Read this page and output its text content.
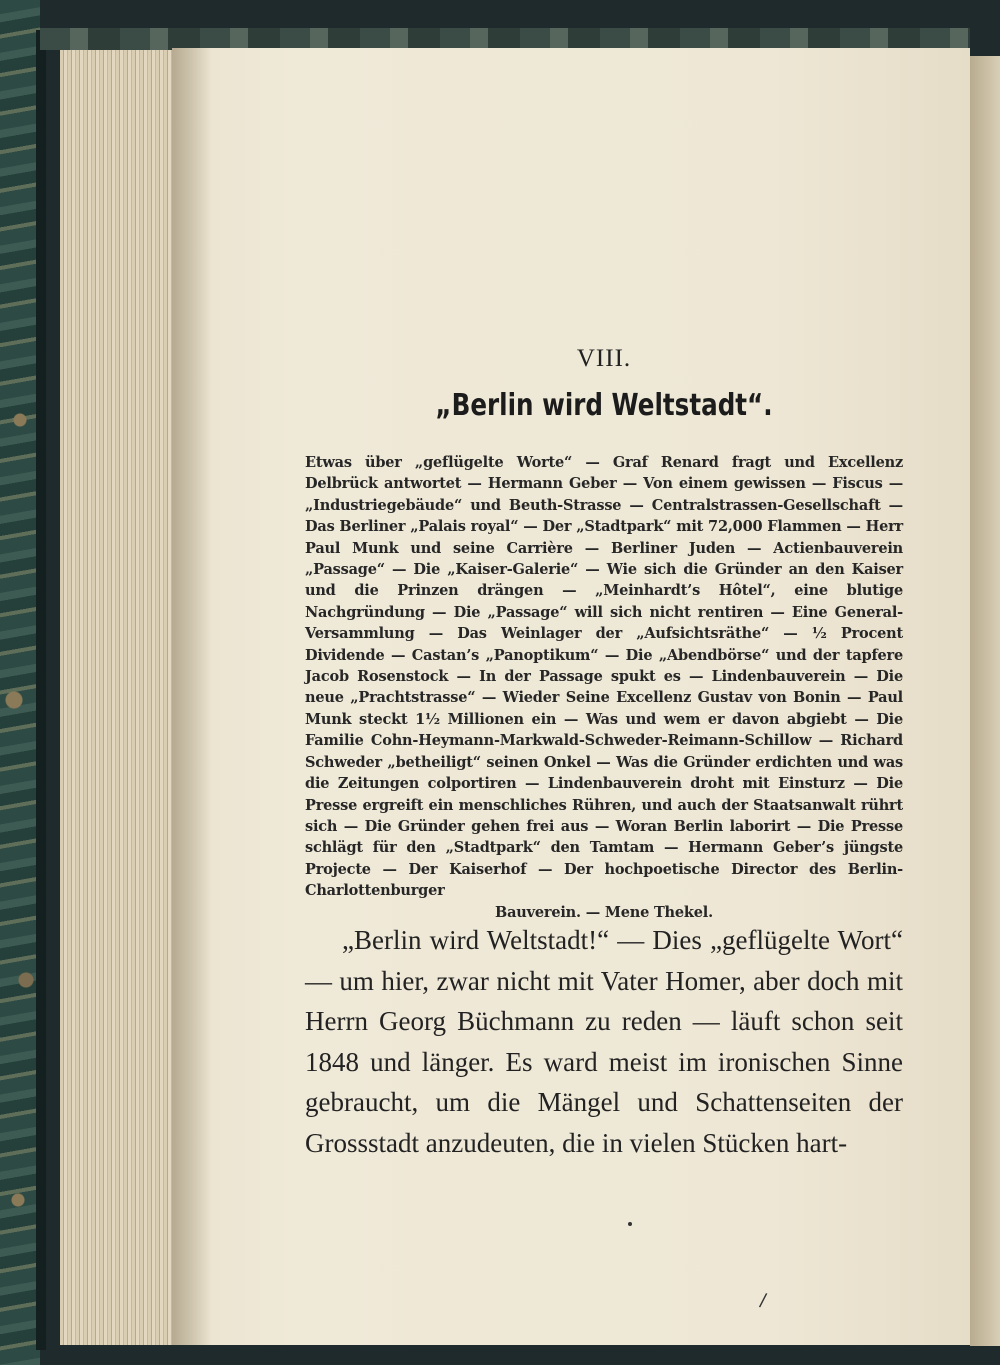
VIII.
„Berlin wird Weltstadt“.
Etwas über „geflügelte Worte“ — Graf Renard fragt und Excellenz Delbrück antwortet — Hermann Geber — Von einem gewissen — Fiscus — „Industriegebäude“ und Beuth-Strasse — Centralstrassen-Gesellschaft — Das Berliner „Palais royal“ — Der „Stadtpark“ mit 72,000 Flammen — Herr Paul Munk und seine Carrière — Berliner Juden — Actienbauverein „Passage“ — Die „Kaiser-Galerie“ — Wie sich die Gründer an den Kaiser und die Prinzen drängen — „Meinhardt’s Hôtel“, eine blutige Nachgründung — Die „Passage“ will sich nicht rentiren — Eine General-Versammlung — Das Weinlager der „Aufsichtsräthe“ — ½ Procent Dividende — Castan’s „Panoptikum“ — Die „Abendbörse“ und der tapfere Jacob Rosenstock — In der Passage spukt es — Lindenbauverein — Die neue „Prachtstrasse“ — Wieder Seine Excellenz Gustav von Bonin — Paul Munk steckt 1½ Millionen ein — Was und wem er davon abgiebt — Die Familie Cohn-Heymann-Markwald-Schweder-Reimann-Schillow — Richard Schweder „betheiligt“ seinen Onkel — Was die Gründer erdichten und was die Zeitungen colportiren — Lindenbauverein droht mit Einsturz — Die Presse ergreift ein menschliches Rühren, und auch der Staatsanwalt rührt sich — Die Gründer gehen frei aus — Woran Berlin laborirt — Die Presse schlägt für den „Stadtpark“ den Tamtam — Hermann Geber’s jüngste Projecte — Der Kaiserhof — Der hochpoetische Director des Berlin-Charlottenburger
Bauverein. — Mene Thekel.

„Berlin wird Weltstadt!“ — Dies „geflügelte Wort“ — um hier, zwar nicht mit Vater Homer, aber doch mit Herrn Georg Büchmann zu reden — läuft schon seit 1848 und länger. Es ward meist im ironischen Sinne gebraucht, um die Mängel und Schattenseiten der Grossstadt anzudeuten, die in vielen Stücken hart-

/
